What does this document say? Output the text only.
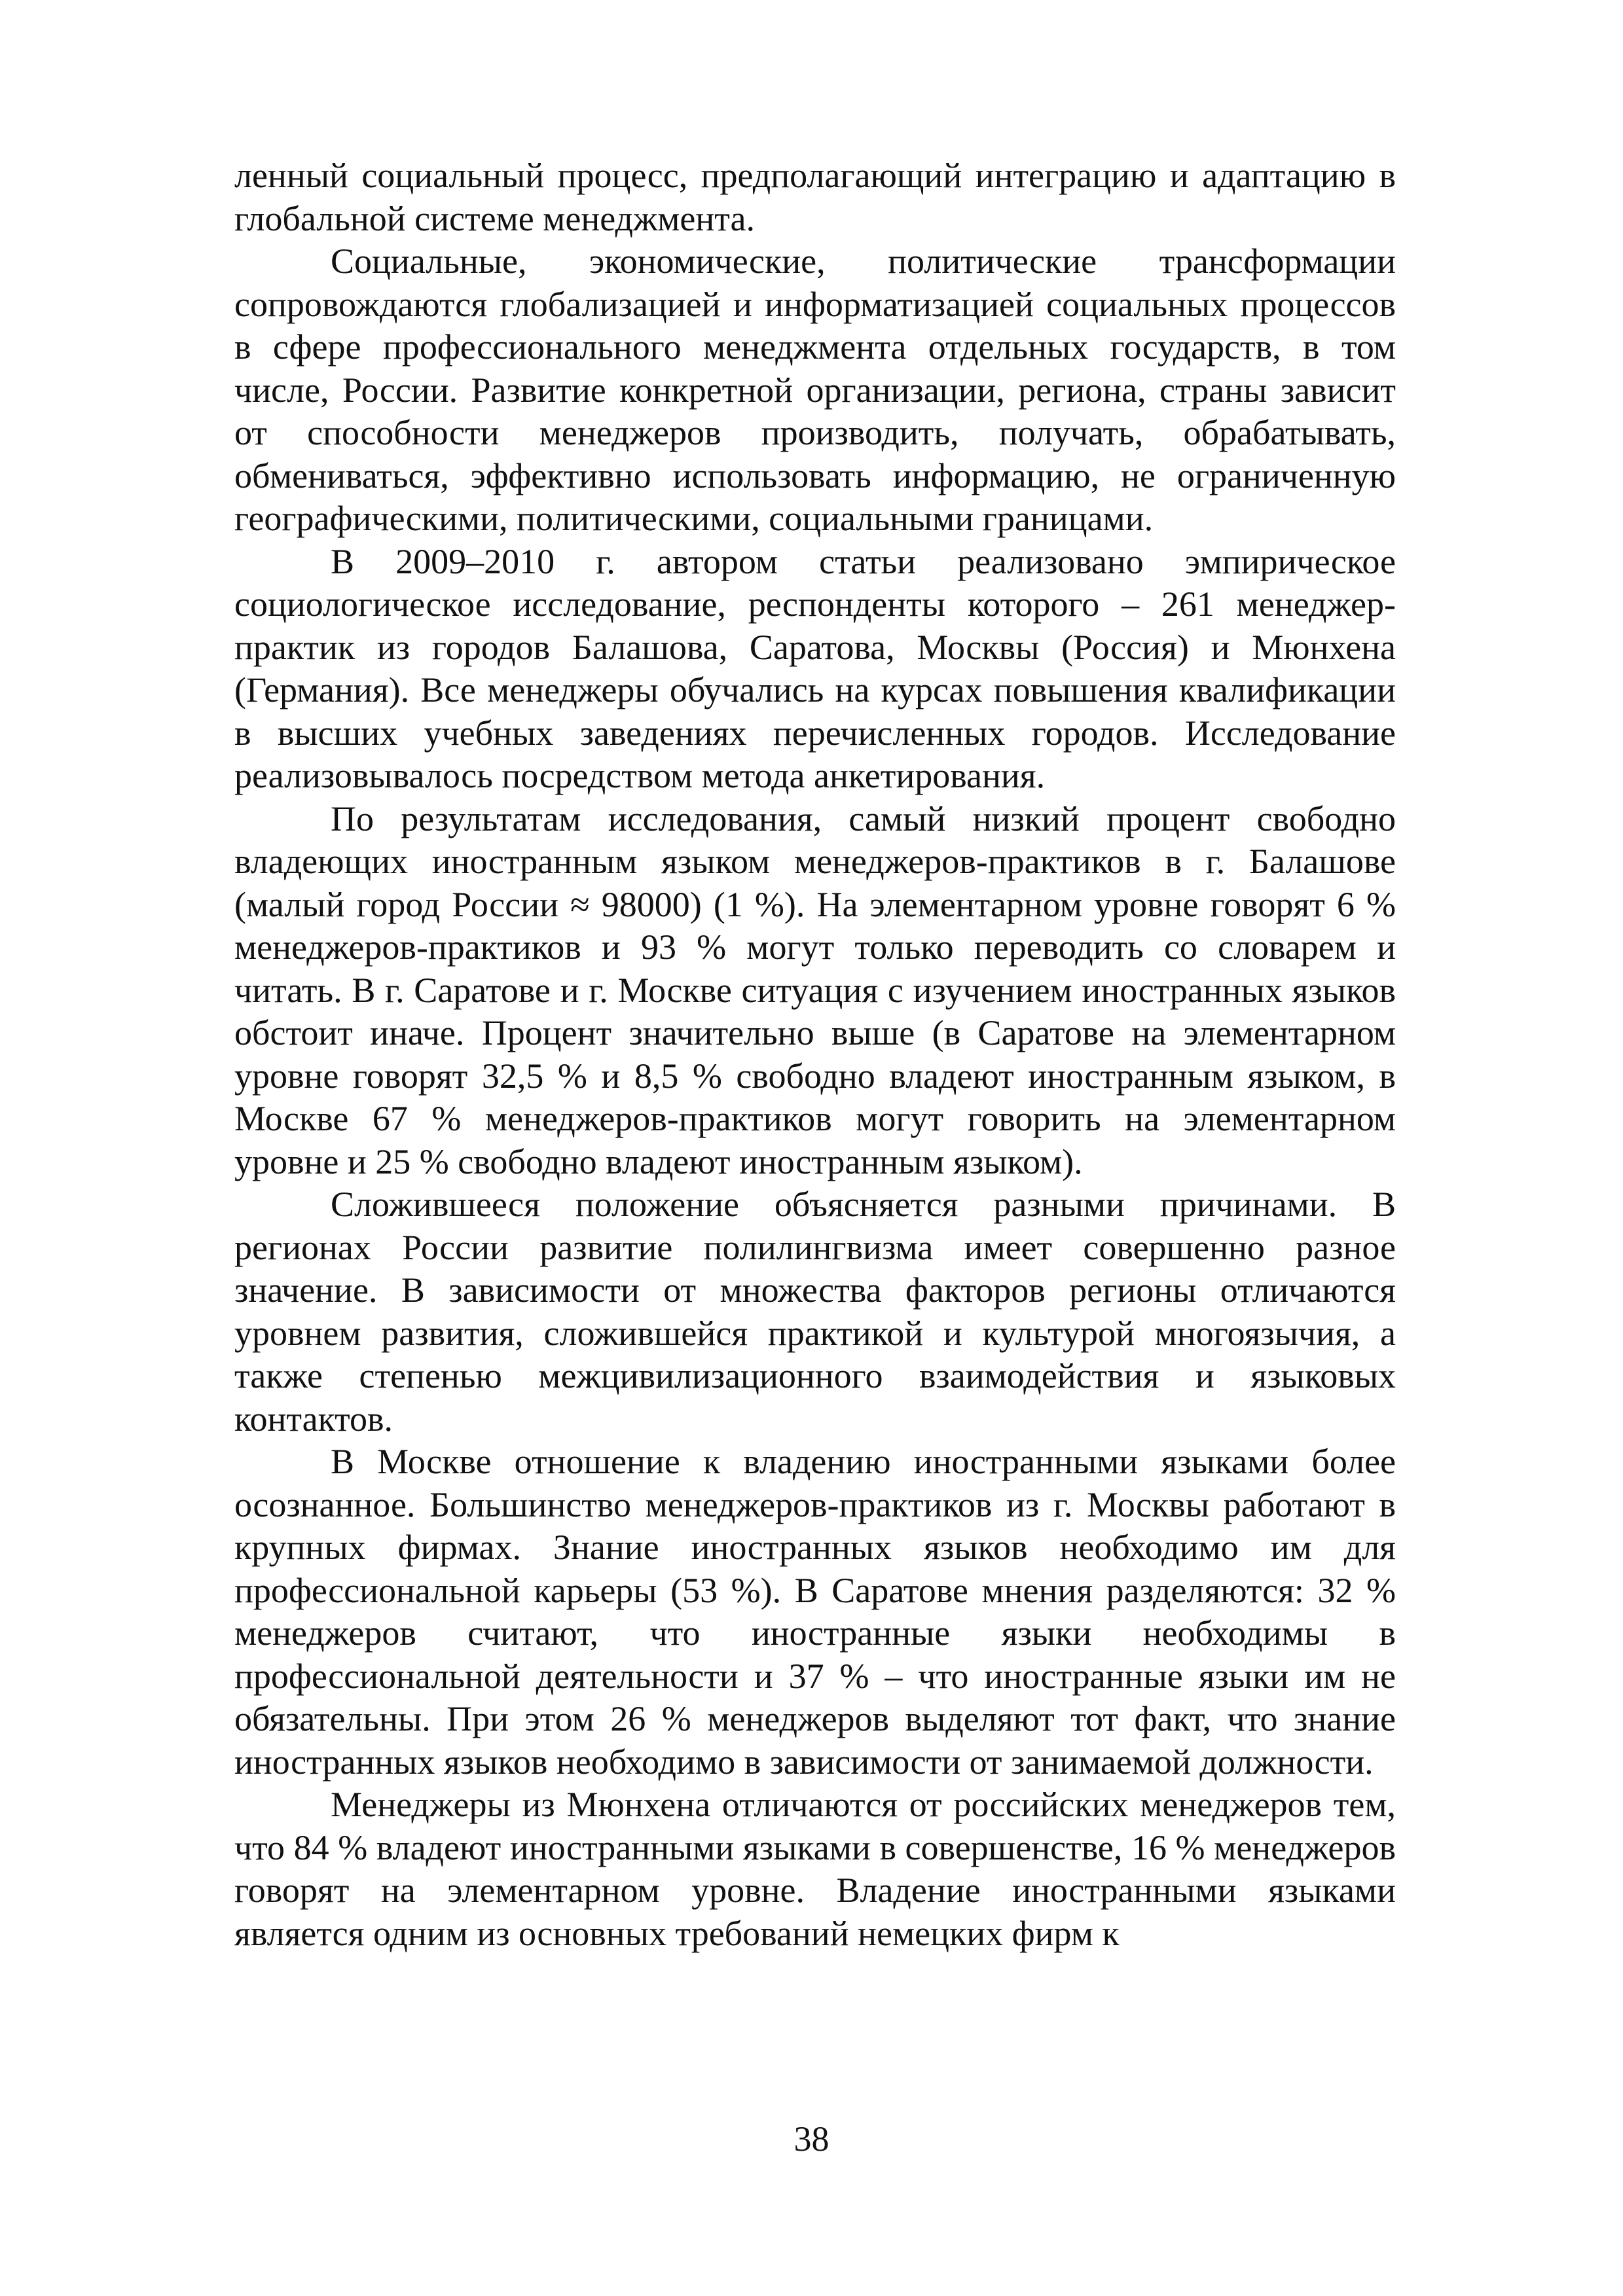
ленный социальный процесс, предполагающий интеграцию и адаптацию в глобальной системе менеджмента.

Социальные, экономические, политические трансформации сопровождаются глобализацией и информатизацией социальных процессов в сфере профессионального менеджмента отдельных государств, в том числе, России. Развитие конкретной организации, региона, страны зависит от способности менеджеров производить, получать, обрабатывать, обмениваться, эффективно использовать информацию, не ограниченную географическими, политическими, социальными границами.

В 2009–2010 г. автором статьи реализовано эмпирическое социологическое исследование, респонденты которого – 261 менеджер-практик из городов Балашова, Саратова, Москвы (Россия) и Мюнхена (Германия). Все менеджеры обучались на курсах повышения квалификации в высших учебных заведениях перечисленных городов. Исследование реализовывалось посредством метода анкетирования.

По результатам исследования, самый низкий процент свободно владеющих иностранным языком менеджеров-практиков в г. Балашове (малый город России ≈ 98000) (1 %). На элементарном уровне говорят 6 % менеджеров-практиков и 93 % могут только переводить со словарем и читать. В г. Саратове и г. Москве ситуация с изучением иностранных языков обстоит иначе. Процент значительно выше (в Саратове на элементарном уровне говорят 32,5 % и 8,5 % свободно владеют иностранным языком, в Москве 67 % менеджеров-практиков могут говорить на элементарном уровне и 25 % свободно владеют иностранным языком).

Сложившееся положение объясняется разными причинами. В регионах России развитие полилингвизма имеет совершенно разное значение. В зависимости от множества факторов регионы отличаются уровнем развития, сложившейся практикой и культурой многоязычия, а также степенью межцивилизационного взаимодействия и языковых контактов.

В Москве отношение к владению иностранными языками более осознанное. Большинство менеджеров-практиков из г. Москвы работают в крупных фирмах. Знание иностранных языков необходимо им для профессиональной карьеры (53 %). В Саратове мнения разделяются: 32 % менеджеров считают, что иностранные языки необходимы в профессиональной деятельности и 37 % – что иностранные языки им не обязательны. При этом 26 % менеджеров выделяют тот факт, что знание иностранных языков необходимо в зависимости от занимаемой должности.

Менеджеры из Мюнхена отличаются от российских менеджеров тем, что 84 % владеют иностранными языками в совершенстве, 16 % менеджеров говорят на элементарном уровне. Владение иностранными языками является одним из основных требований немецких фирм к

38
